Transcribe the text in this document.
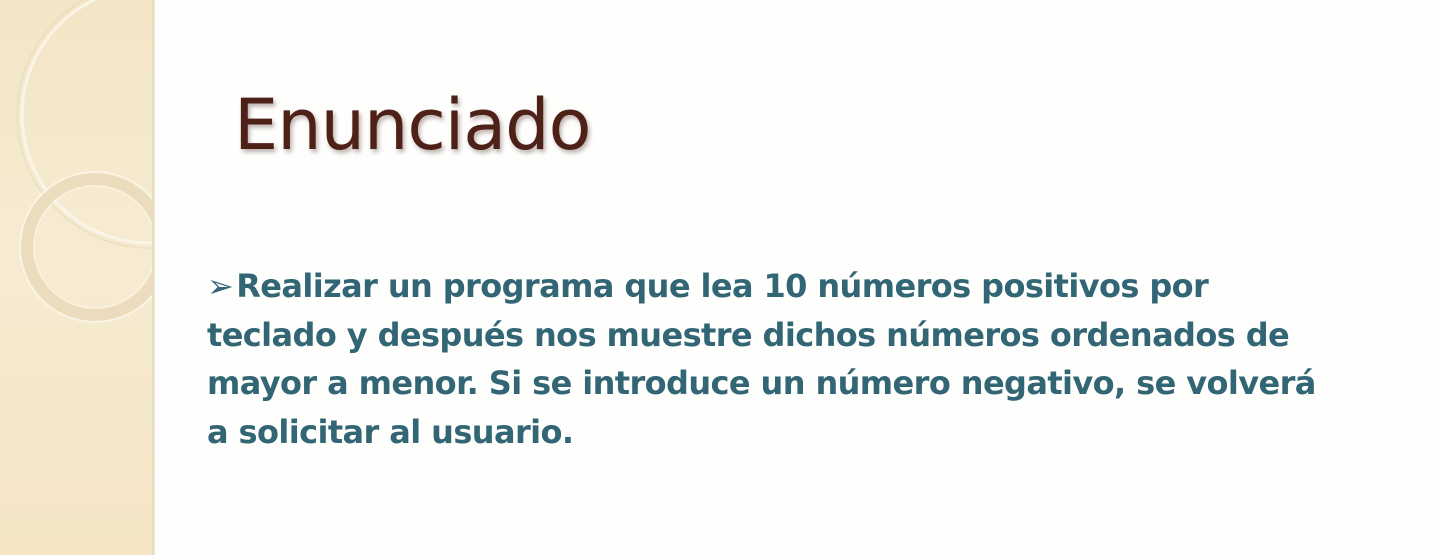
Enunciado

➢Realizar un programa que lea 10 números positivos por teclado y después nos muestre dichos números ordenados de mayor a menor. Si se introduce un número negativo, se volverá a solicitar al usuario.
